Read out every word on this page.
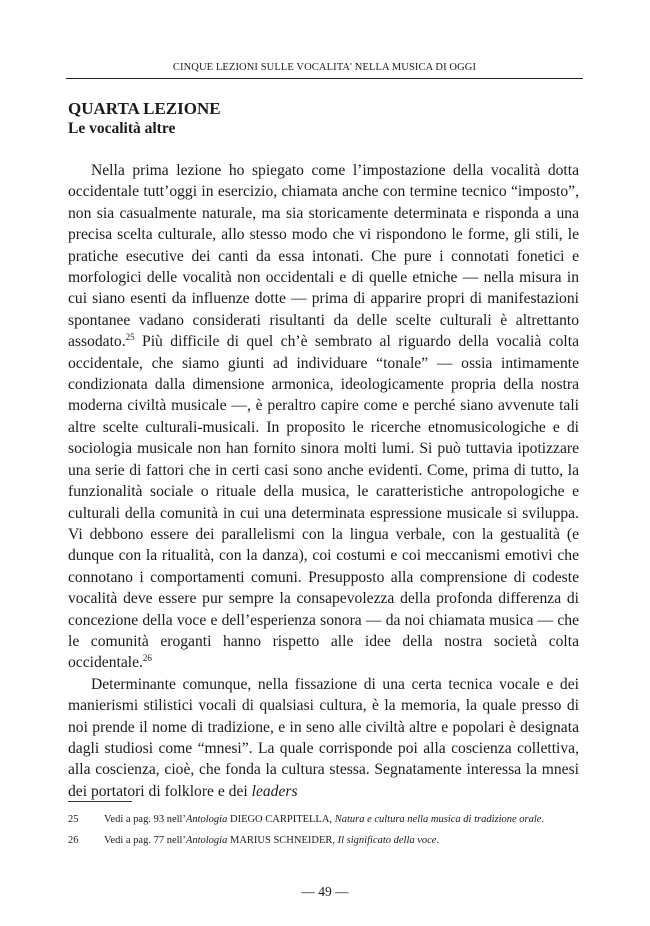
CINQUE LEZIONI SULLE VOCALITA' NELLA MUSICA DI OGGI
QUARTA LEZIONE
Le vocalità altre

Nella prima lezione ho spiegato come l’impostazione della vocalità dotta occidentale tutt’oggi in esercizio, chiamata anche con termine tecnico “imposto”, non sia casualmente naturale, ma sia storicamente determinata e risponda a una precisa scelta culturale, allo stesso modo che vi rispondono le forme, gli stili, le pratiche esecutive dei canti da essa intonati. Che pure i connotati fonetici e morfologici delle vocalità non occidentali e di quelle etniche — nella misura in cui siano esenti da influenze dotte — prima di apparire propri di manifestazioni spontanee vadano considerati risultanti da delle scelte culturali è altrettanto assodato.$^{25}$ Più difficile di quel ch’è sembrato al riguardo della vocalià colta occidentale, che siamo giunti ad individuare “tonale” — ossia intimamente condizionata dalla dimensione armonica, ideologicamente propria della nostra moderna civiltà musicale —, è peraltro capire come e perché siano avvenute tali altre scelte culturali-musicali. In proposito le ricerche etnomusicologiche e di sociologia musicale non han fornito sinora molti lumi. Si può tuttavia ipotizzare una serie di fattori che in certi casi sono anche evidenti. Come, prima di tutto, la funzionalità sociale o rituale della musica, le caratteristiche antropologiche e culturali della comunità in cui una determinata espressione musicale si sviluppa. Vi debbono essere dei parallelismi con la lingua verbale, con la gestualità (e dunque con la ritualità, con la danza), coi costumi e coi meccanismi emotivi che connotano i comportamenti comuni. Presupposto alla comprensione di codeste vocalità deve essere pur sempre la consapevolezza della profonda differenza di concezione della voce e dell’esperienza sonora — da noi chiamata musica — che le comunità eroganti hanno rispetto alle idee della nostra società colta occidentale.$^{26}$

Determinante comunque, nella fissazione di una certa tecnica vocale e dei manierismi stilistici vocali di qualsiasi cultura, è la memoria, la quale presso di noi prende il nome di tradizione, e in seno alle civiltà altre e popolari è designata dagli studiosi come “mnesi”. La quale corrisponde poi alla coscienza collettiva, alla coscienza, cioè, che fonda la cultura stessa. Segnatamente interessa la mnesi dei portatori di folklore e dei leaders

25 Vedi a pag. 93 nell’Antologia DIEGO CARPITELLA, Natura e cultura nella musica di tradizione orale.
26 Vedi a pag. 77 nell’Antologia MARIUS SCHNEIDER, Il significato della voce.
— 49 —
